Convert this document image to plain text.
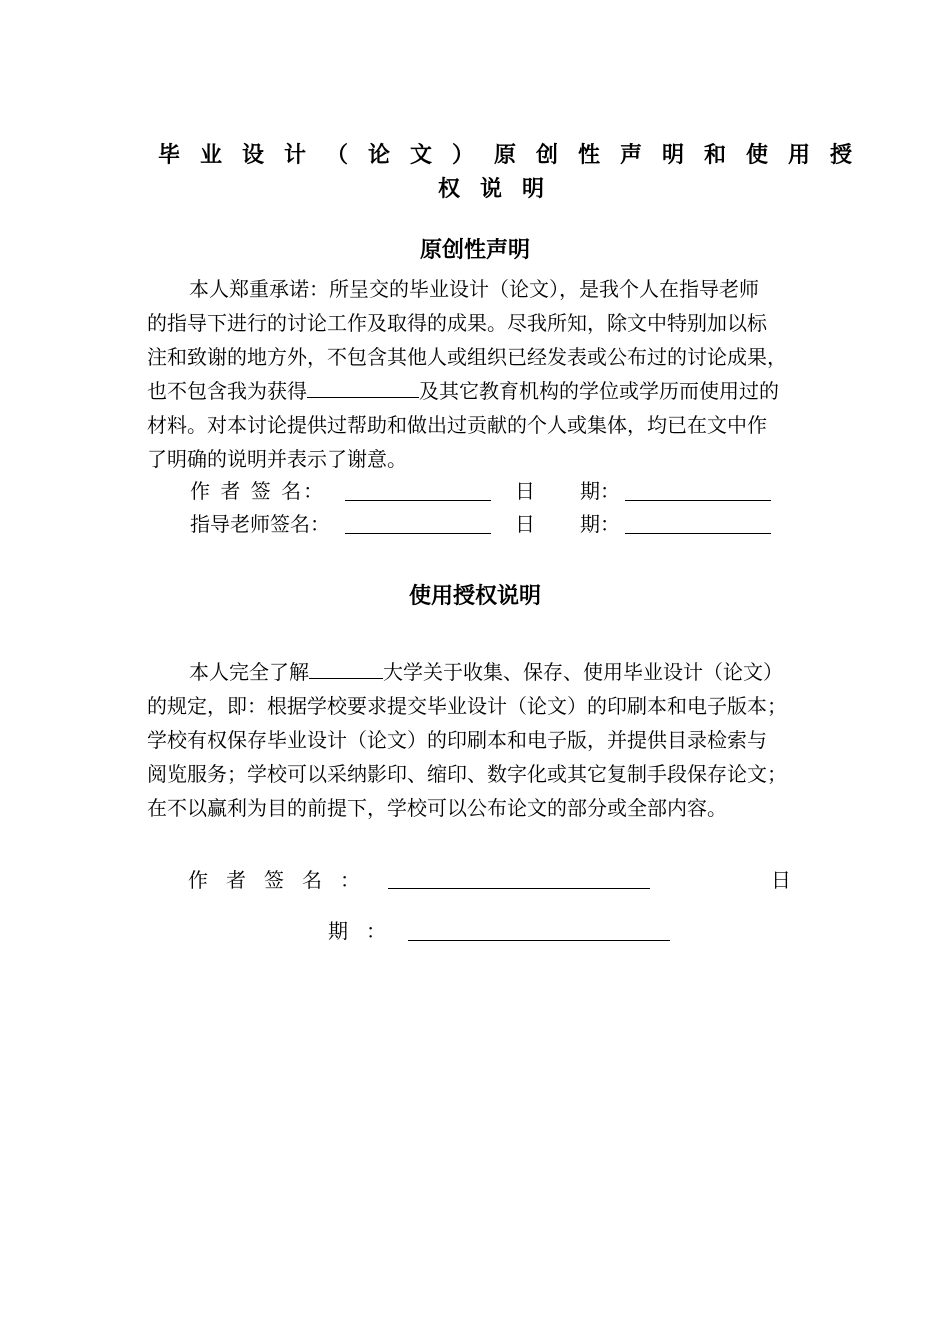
毕业设计（论文）原创性声明和使用授
权说明
原创性声明

本人郑重承诺：所呈交的毕业设计（论文），是我个人在指导老师

的指导下进行的讨论工作及取得的成果。尽我所知，除文中特别加以标

注和致谢的地方外，不包含其他人或组织已经发表或公布过的讨论成果，

也不包含我为获得	及其它教育机构的学位或学历而使用过的

材料。对本讨论提供过帮助和做出过贡献的个人或集体，均已在文中作

了明确的说明并表示了谢意。

作 者 签 名：	日 期：
指导老师签名：	日 期：
使用授权说明

本人完全了解	大学关于收集、保存、使用毕业设计（论文）

的规定，即：根据学校要求提交毕业设计（论文）的印刷本和电子版本；

学校有权保存毕业设计（论文）的印刷本和电子版，并提供目录检索与

阅览服务；学校可以采纳影印、缩印、数字化或其它复制手段保存论文；

在不以赢利为目的前提下，学校可以公布论文的部分或全部内容。

作者签名：	日
期：
